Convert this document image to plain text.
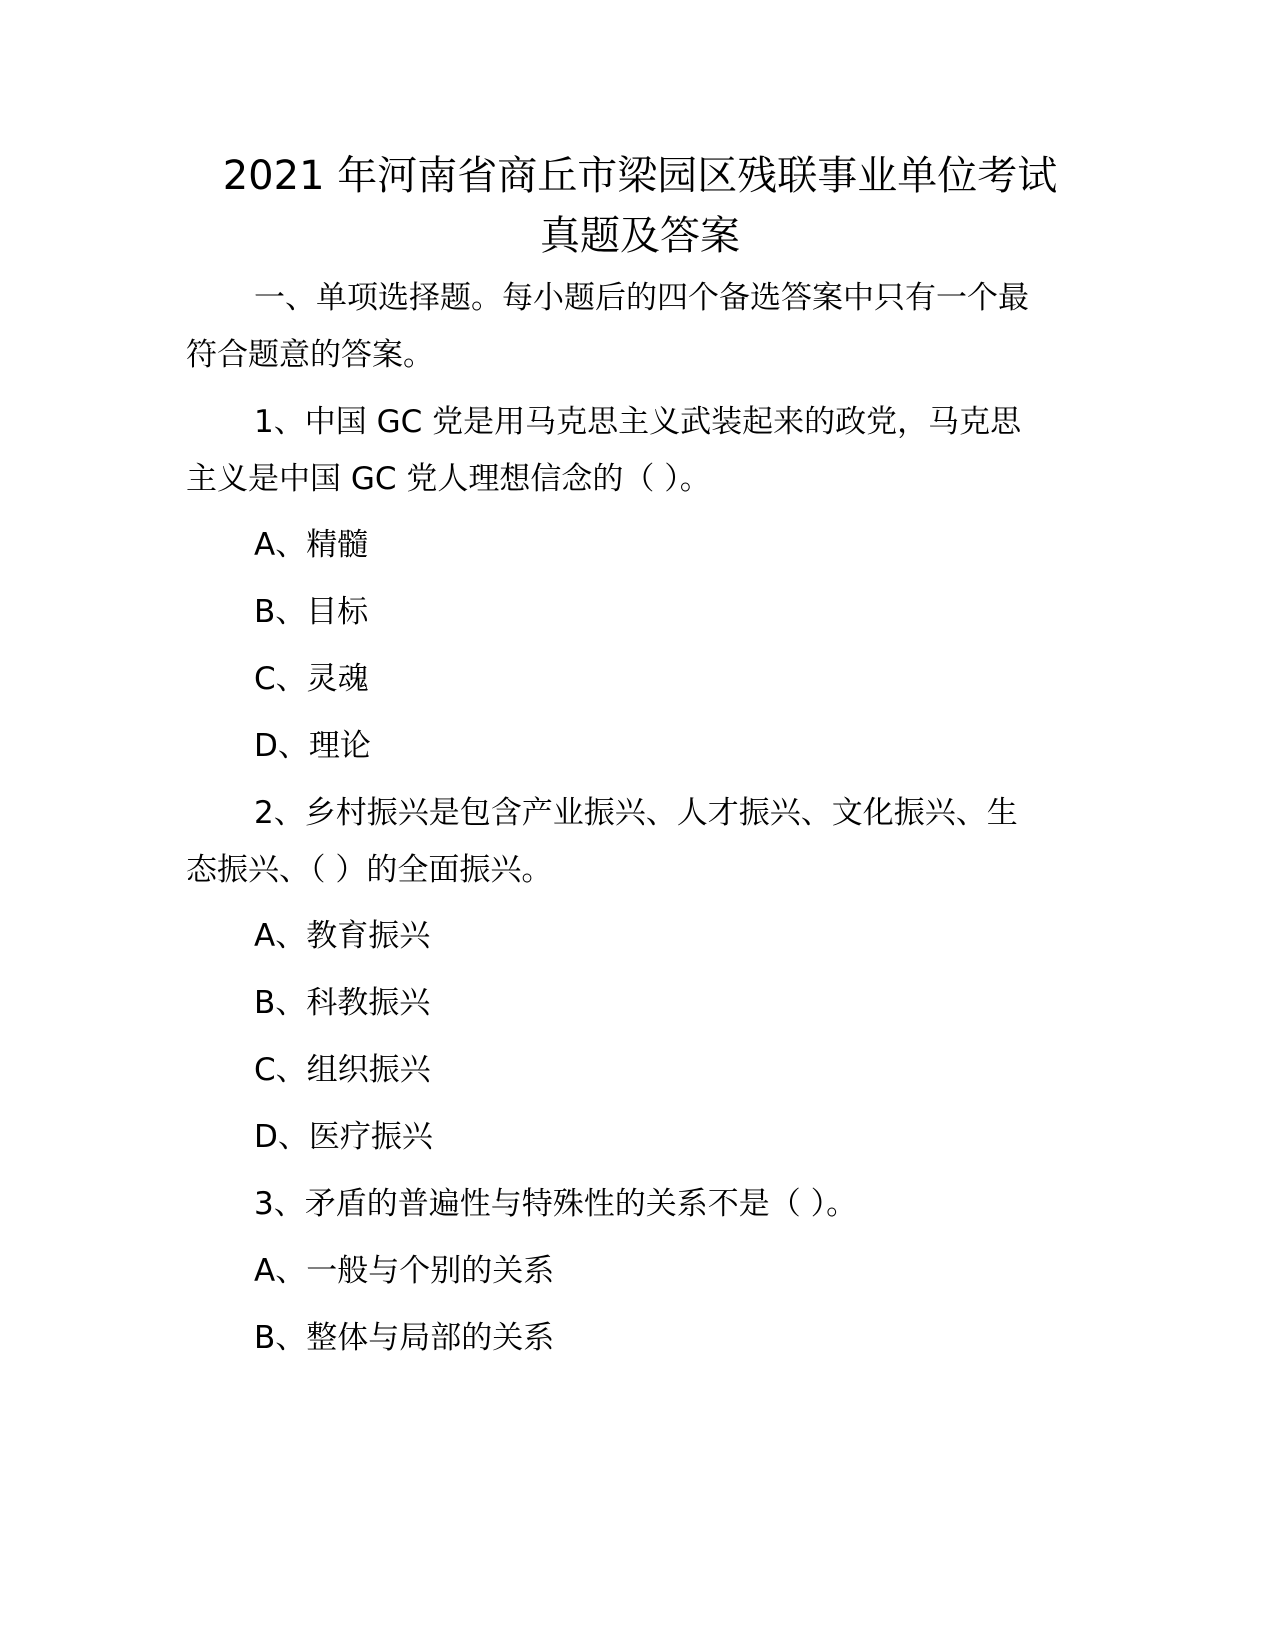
2021 年河南省商丘市梁园区残联事业单位考试
真题及答案

一、单项选择题。每小题后的四个备选答案中只有一个最

符合题意的答案。

1、中国 GC 党是用马克思主义武装起来的政党，马克思

主义是中国 GC 党人理想信念的（ ）。

A、精髓

B、目标

C、灵魂

D、理论

2、乡村振兴是包含产业振兴、人才振兴、文化振兴、生

态振兴、（ ）的全面振兴。

A、教育振兴

B、科教振兴

C、组织振兴

D、医疗振兴

3、矛盾的普遍性与特殊性的关系不是（ ）。

A、一般与个别的关系

B、整体与局部的关系
